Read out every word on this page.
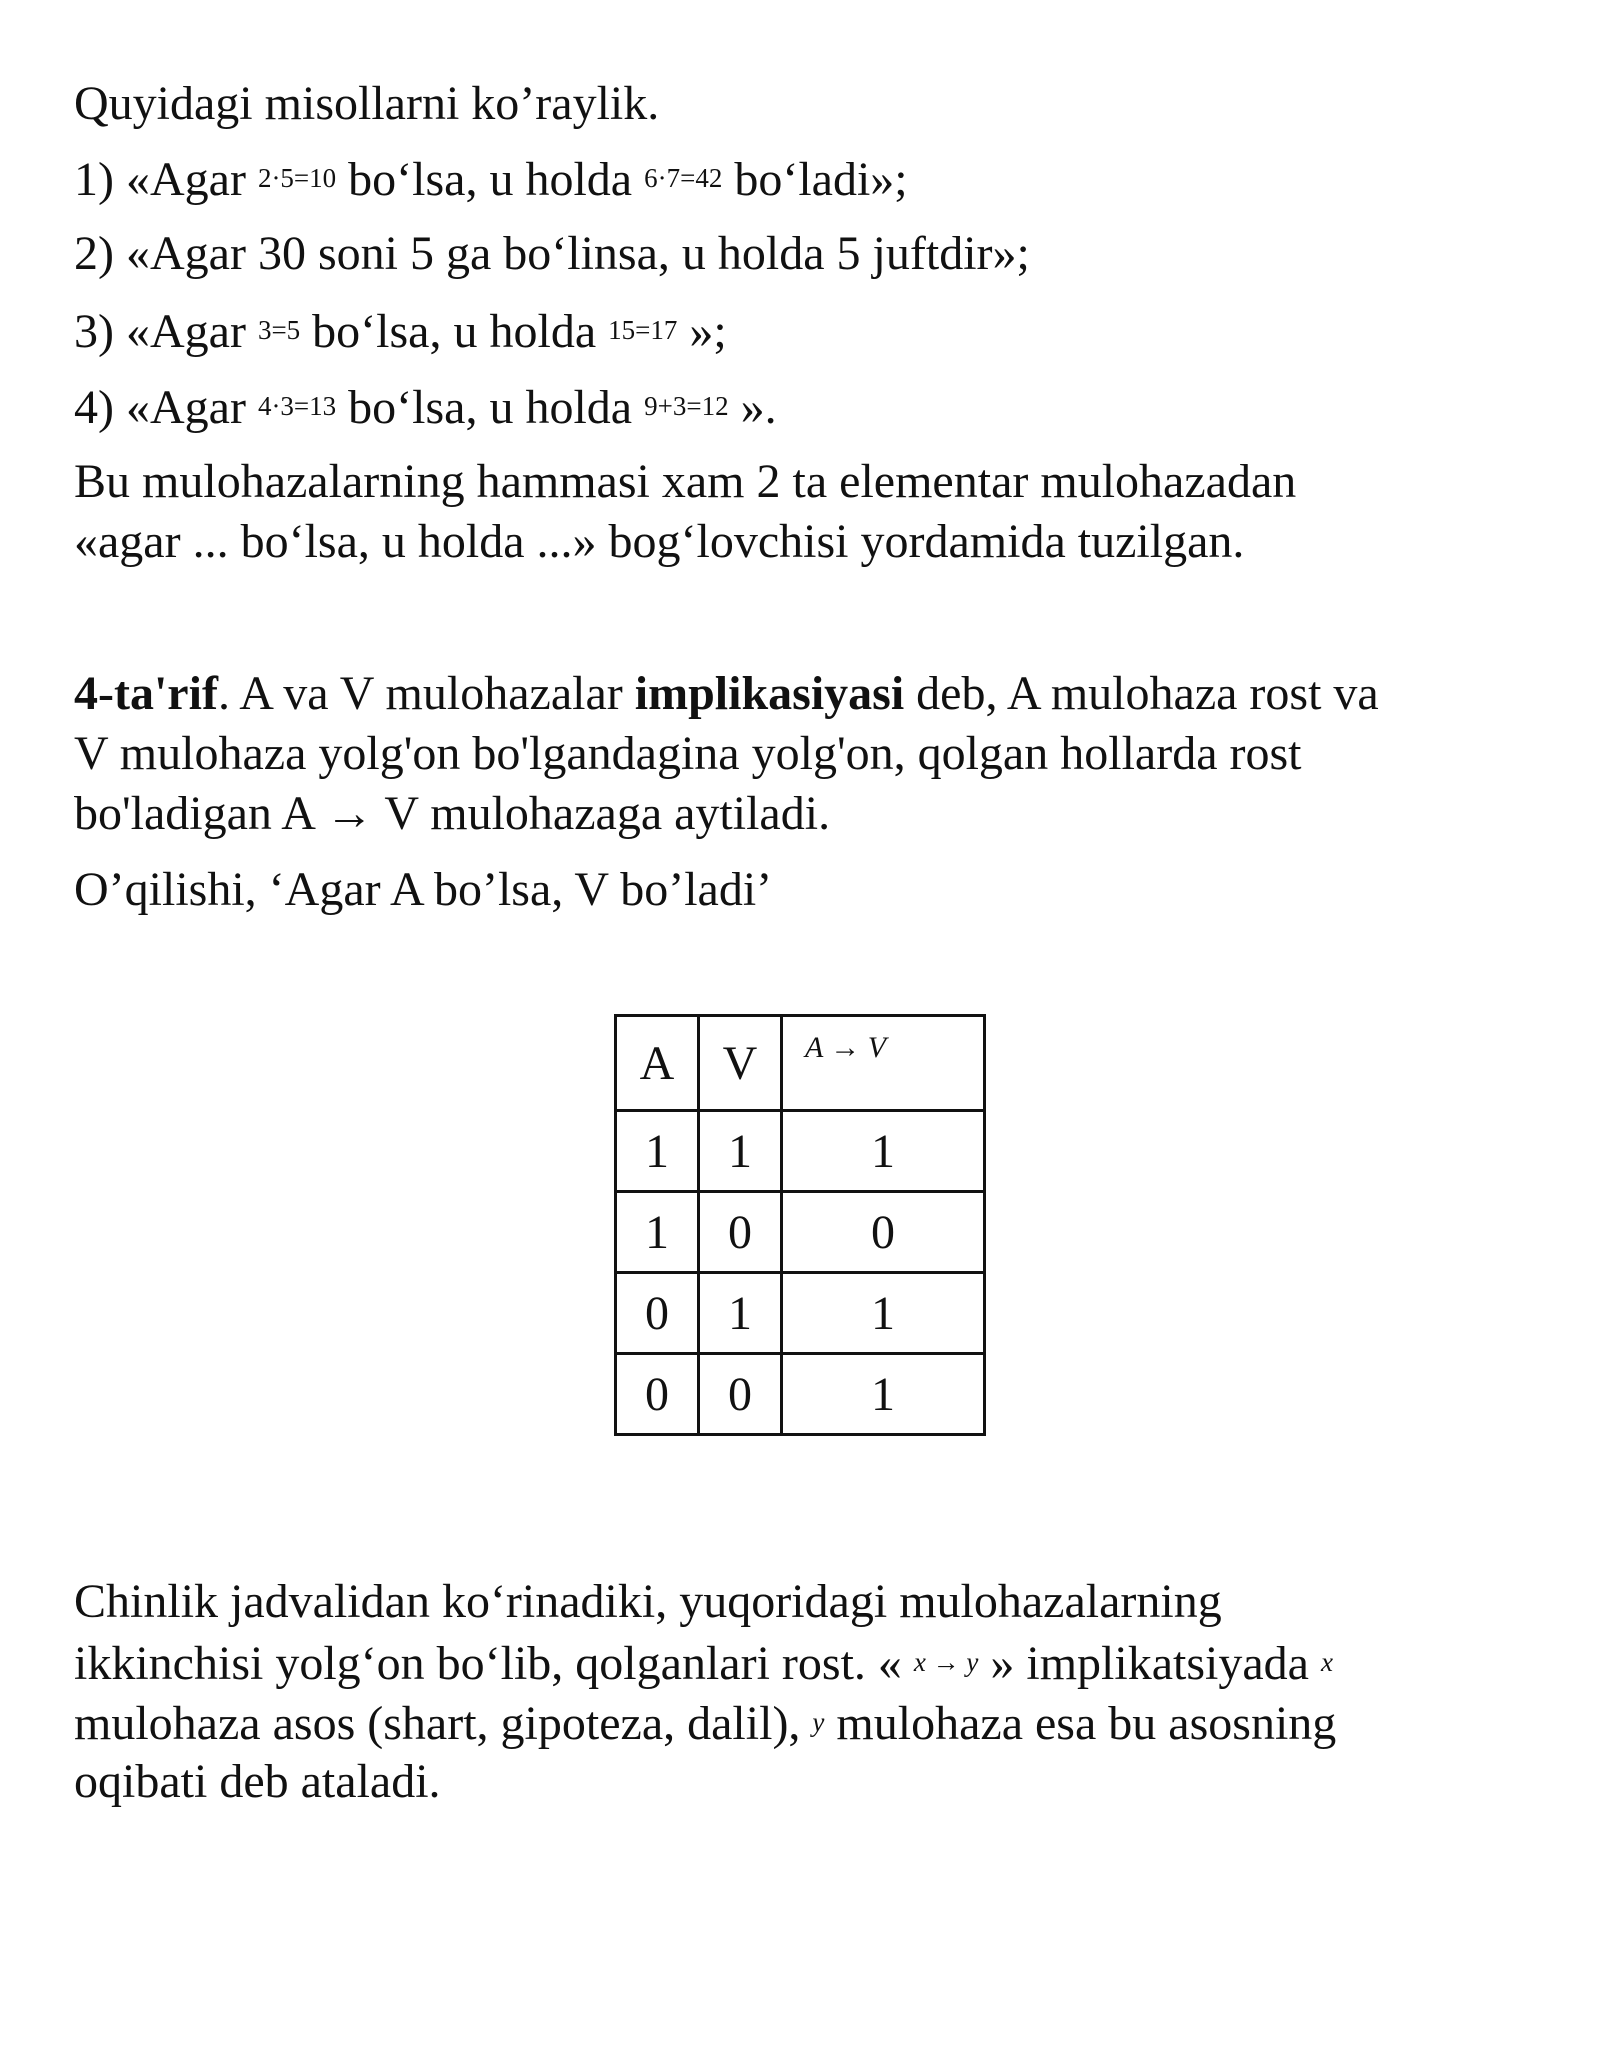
Quyidagi misollarni ko’raylik.
1) «Agar 2·5=10 bo‘lsa, u holda 6·7=42 bo‘ladi»;
2) «Agar 30 soni 5 ga bo‘linsa, u holda 5 juftdir»;
3) «Agar 3=5 bo‘lsa, u holda 15=17 »;
4) «Agar 4·3=13 bo‘lsa, u holda 9+3=12 ».
Bu mulohazalarning hammasi xam 2 ta elementar mulohazadan
«agar ... bo‘lsa, u holda ...» bog‘lovchisi yordamida tuzilgan.
4-ta'rif. A va V mulohazalar implikasiyasi deb, A mulohaza rost va
V mulohaza yolg'on bo'lgandagina yolg'on, qolgan hollarda rost
bo'ladigan A → V mulohazaga aytiladi.
O’qilishi, ‘Agar A bo’lsa, V bo’ladi’
A	V	A → V
1	1	1
1	0	0
0	1	1
0	0	1
Chinlik jadvalidan ko‘rinadiki, yuqoridagi mulohazalarning
ikkinchisi yolg‘on bo‘lib, qolganlari rost. « x → y » implikatsiyada x
mulohaza asos (shart, gipoteza, dalil), y mulohaza esa bu asosning
oqibati deb ataladi.
